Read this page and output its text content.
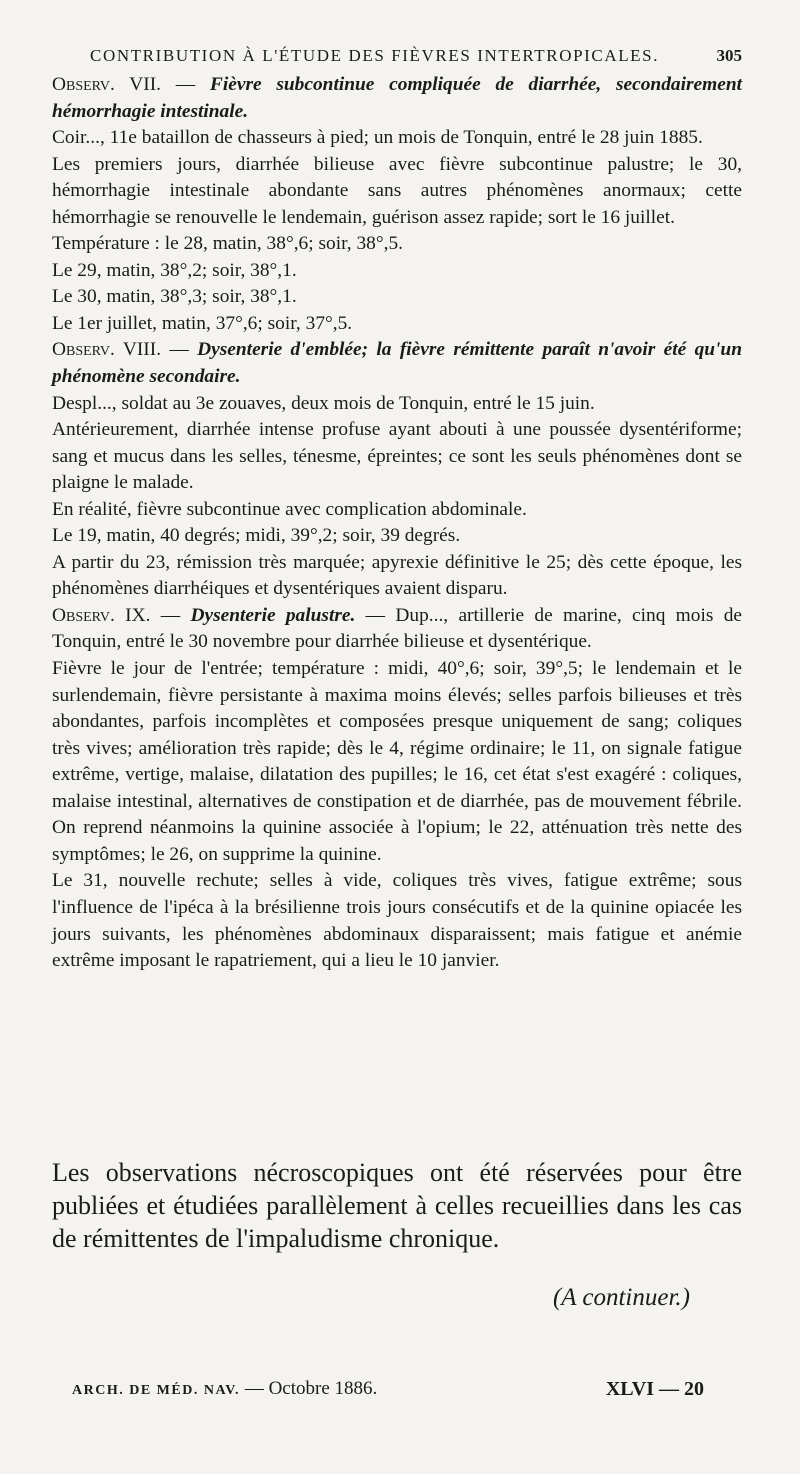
CONTRIBUTION À L'ÉTUDE DES FIÈVRES INTERTROPICALES.	305

Observ. VII. — Fièvre subcontinue compliquée de diarrhée, secondairement hémorrhagie intestinale.

Coir..., 11e bataillon de chasseurs à pied; un mois de Tonquin, entré le 28 juin 1885.

Les premiers jours, diarrhée bilieuse avec fièvre subcontinue palustre; le 30, hémorrhagie intestinale abondante sans autres phénomènes anormaux; cette hémorrhagie se renouvelle le lendemain, guérison assez rapide; sort le 16 juillet.

Température : le 28, matin, 38°,6; soir, 38°,5.

Le 29, matin, 38°,2; soir, 38°,1.

Le 30, matin, 38°,3; soir, 38°,1.

Le 1er juillet, matin, 37°,6; soir, 37°,5.

Observ. VIII. — Dysenterie d'emblée; la fièvre rémittente paraît n'avoir été qu'un phénomène secondaire.

Despl..., soldat au 3e zouaves, deux mois de Tonquin, entré le 15 juin.

Antérieurement, diarrhée intense profuse ayant abouti à une poussée dysentériforme; sang et mucus dans les selles, ténesme, épreintes; ce sont les seuls phénomènes dont se plaigne le malade.

En réalité, fièvre subcontinue avec complication abdominale.

Le 19, matin, 40 degrés; midi, 39°,2; soir, 39 degrés.

A partir du 23, rémission très marquée; apyrexie définitive le 25; dès cette époque, les phénomènes diarrhéiques et dysentériques avaient disparu.

Observ. IX. — Dysenterie palustre. — Dup..., artillerie de marine, cinq mois de Tonquin, entré le 30 novembre pour diarrhée bilieuse et dysentérique.

Fièvre le jour de l'entrée; température : midi, 40°,6; soir, 39°,5; le lendemain et le surlendemain, fièvre persistante à maxima moins élevés; selles parfois bilieuses et très abondantes, parfois incomplètes et composées presque uniquement de sang; coliques très vives; amélioration très rapide; dès le 4, régime ordinaire; le 11, on signale fatigue extrême, vertige, malaise, dilatation des pupilles; le 16, cet état s'est exagéré : coliques, malaise intestinal, alternatives de constipation et de diarrhée, pas de mouvement fébrile. On reprend néanmoins la quinine associée à l'opium; le 22, atténuation très nette des symptômes; le 26, on supprime la quinine.

Le 31, nouvelle rechute; selles à vide, coliques très vives, fatigue extrême; sous l'influence de l'ipéca à la brésilienne trois jours consécutifs et de la quinine opiacée les jours suivants, les phénomènes abdominaux disparaissent; mais fatigue et anémie extrême imposant le rapatriement, qui a lieu le 10 janvier.

Les observations nécroscopiques ont été réservées pour être publiées et étudiées parallèlement à celles recueillies dans les cas de rémittentes de l'impaludisme chronique.
(A continuer.)
ARCH. DE MÉD. NAV. — Octobre 1886.	XLVI — 20
